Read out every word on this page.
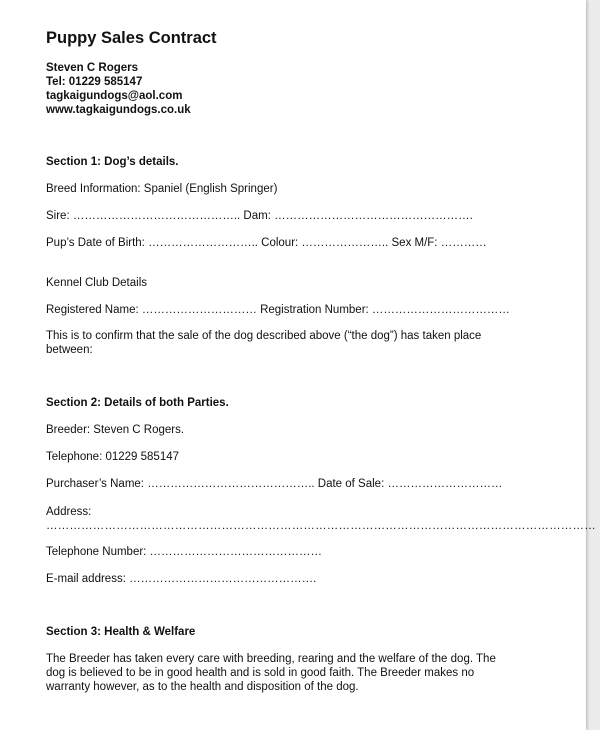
Puppy Sales Contract
Steven C Rogers
Tel: 01229 585147
tagkaigundogs@aol.com
www.tagkaigundogs.co.uk
Section 1: Dog’s details.
Breed Information: Spaniel (English Springer)
Sire: …………………………………….. Dam: …………………………………………….
Pup’s Date of Birth: ……………………….. Colour: ………………….. Sex M/F: …………
Kennel Club Details
Registered Name: ………………………… Registration Number: ………………………………
This is to confirm that the sale of the dog described above (“the dog”) has taken place
between:
Section 2: Details of both Parties.
Breeder: Steven C Rogers.
Telephone: 01229 585147
Purchaser’s Name: …………………………………….. Date of Sale: …………………………
Address:
……………………………………………………………………………………………………………………………
Telephone Number: ………………………………………
E-mail address: ………………………………………….
Section 3: Health & Welfare
The Breeder has taken every care with breeding, rearing and the welfare of the dog. The
dog is believed to be in good health and is sold in good faith. The Breeder makes no
warranty however, as to the health and disposition of the dog.
